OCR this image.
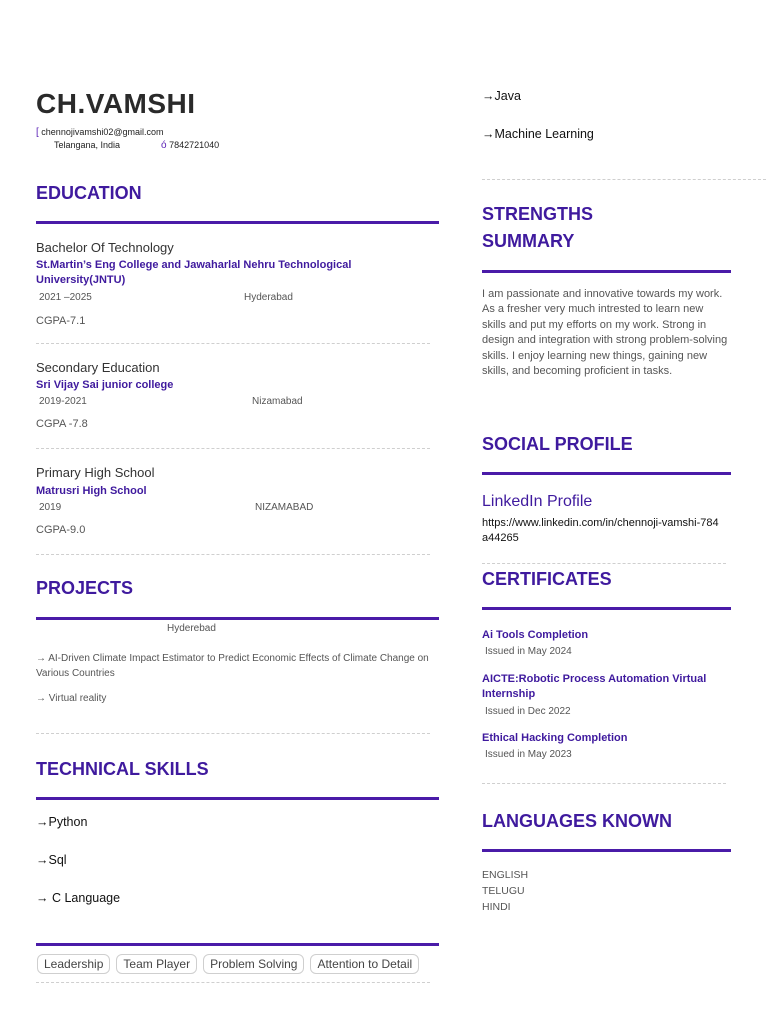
CH.VAMSHI
[ chennojivamshi02@gmail.com
Telangana, India	ó 7842721040
EDUCATION
Bachelor Of Technology
St.Martin’s Eng College and Jawaharlal Nehru Technological University(JNTU)
2021 –2025	Hyderabad
CGPA-7.1
Secondary Education
Sri Vijay Sai junior college
2019-2021	Nizamabad
CGPA -7.8
Primary High School
Matrusri High School
2019	NIZAMABAD
CGPA-9.0
PROJECTS
Hyderebad
→ AI-Driven Climate Impact Estimator to Predict Economic Effects of Climate Change on Various Countries
→ Virtual reality
TECHNICAL SKILLS
→Python
→Sql
→ C Language
Leadership Team Player Problem Solving Attention to Detail
→Java
→Machine Learning
STRENGTHS
SUMMARY
I am passionate and innovative towards my work. As a fresher very much intrested to learn new skills and put my efforts on my work. Strong in design and integration with strong problem-solving skills. I enjoy learning new things, gaining new skills, and becoming proficient in tasks.
SOCIAL PROFILE
LinkedIn Profile
https://www.linkedin.com/in/chennoji-vamshi-784a44265
CERTIFICATES
Ai Tools Completion
Issued in May 2024
AICTE:Robotic Process Automation Virtual Internship
Issued in Dec 2022
Ethical Hacking Completion
Issued in May 2023
LANGUAGES KNOWN
ENGLISH
TELUGU
HINDI
